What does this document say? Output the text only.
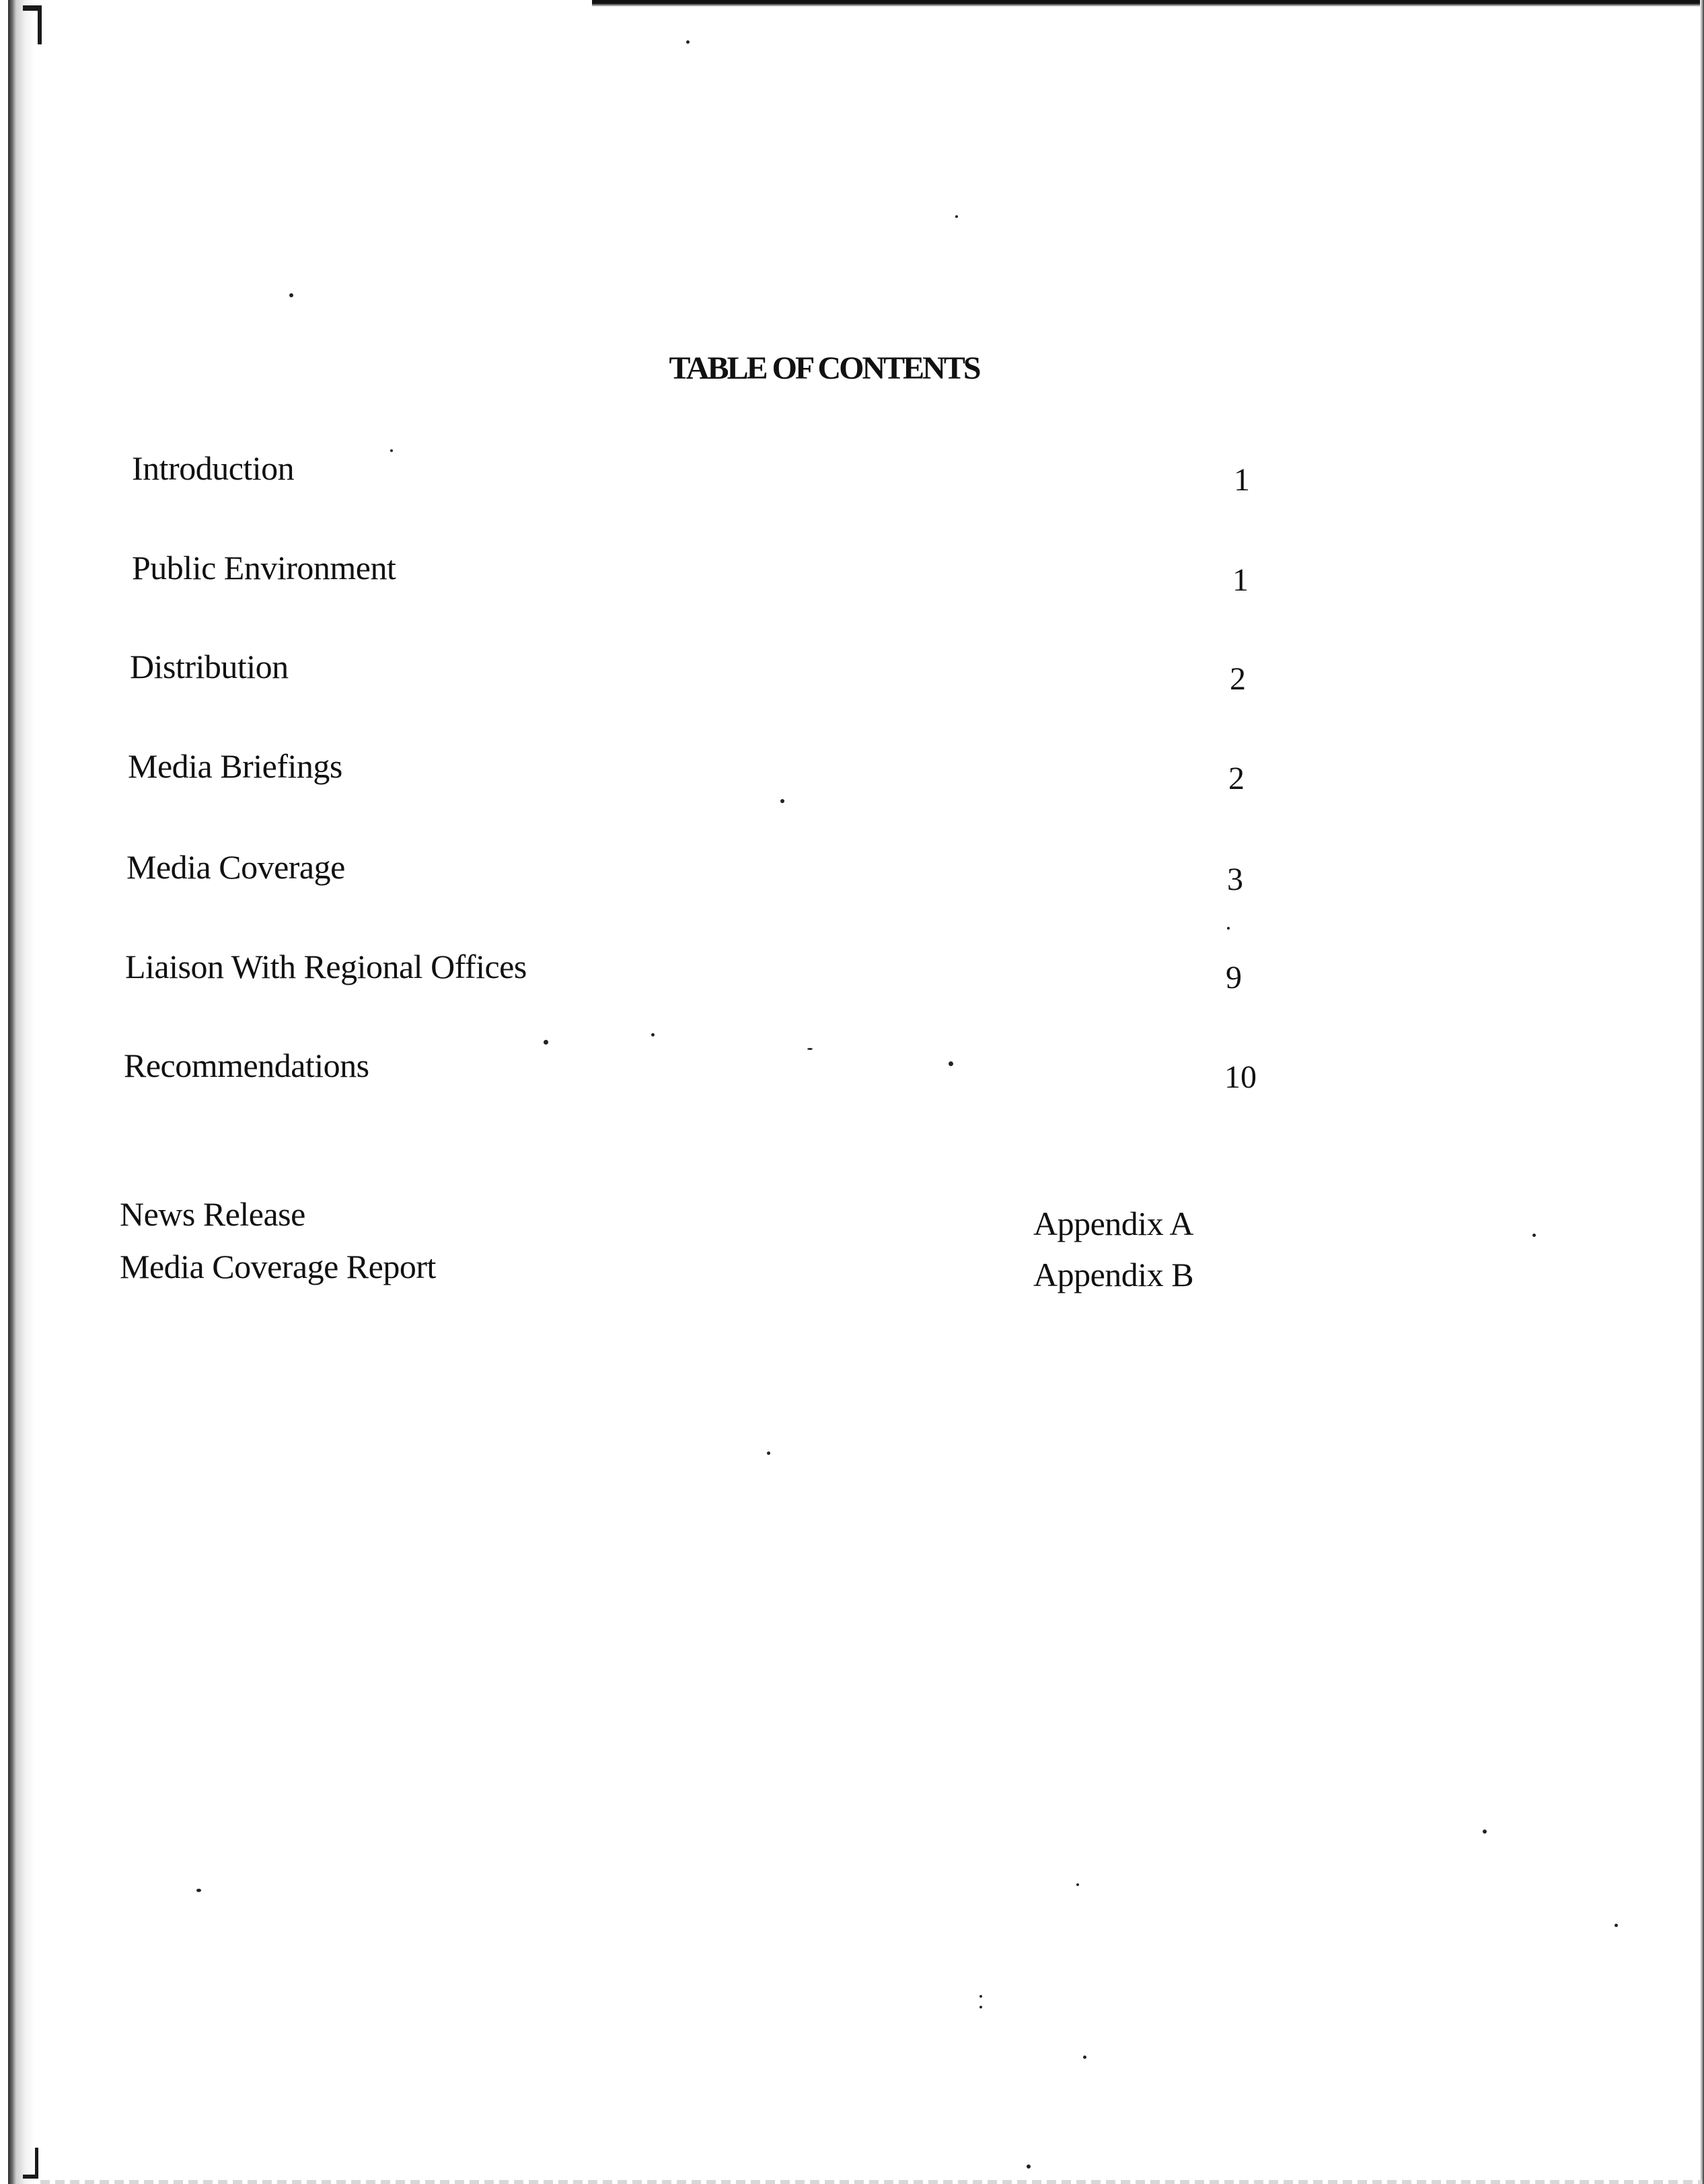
TABLE OF CONTENTS
Introduction	1
Public Environment	1
Distribution	2
Media Briefings	2
Media Coverage	3
Liaison With Regional Offices	9
Recommendations	10
News Release	Appendix A
Media Coverage Report	Appendix B
